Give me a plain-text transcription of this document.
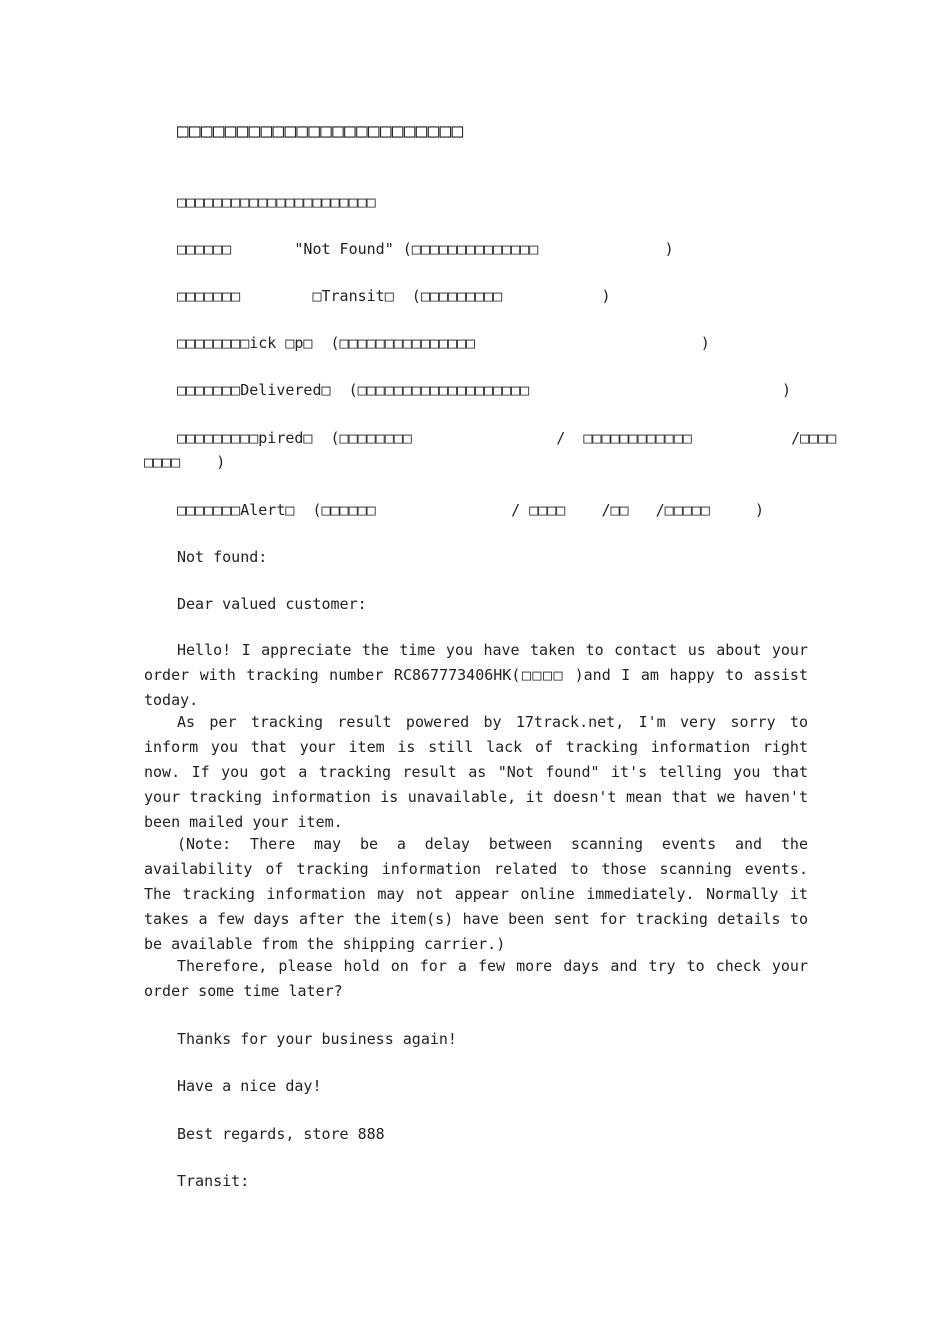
□□□□□□□□□□□□□□□□□□□□□□□□
□□□□□□□□□□□□□□□□□□□□□□
□□□□□□       "Not Found" (□□□□□□□□□□□□□□              )
□□□□□□□        □Transit□  (□□□□□□□□□           )
□□□□□□□□ick □p□  (□□□□□□□□□□□□□□□                         )
□□□□□□□Delivered□  (□□□□□□□□□□□□□□□□□□□                            )
□□□□□□□□□pired□  (□□□□□□□□                /  □□□□□□□□□□□□           /□□□□
□□□□    )
□□□□□□□Alert□  (□□□□□□               / □□□□    /□□   /□□□□□     )
Not found:
Dear valued customer:

Hello! I appreciate the time you have taken to contact us about your order with tracking number RC867773406HK(□□□□ )and I am happy to assist today.

As per tracking result powered by 17track.net, I'm very sorry to inform you that your item is still lack of tracking information right now. If you got a tracking result as "Not found" it's telling you that your tracking information is unavailable, it doesn't mean that we haven't been mailed your item.

(Note: There may be a delay between scanning events and the availability of tracking information related to those scanning events. The tracking information may not appear online immediately. Normally it takes a few days after the item(s) have been sent for tracking details to be available from the shipping carrier.)

Therefore, please hold on for a few more days and try to check your order some time later?

Thanks for your business again!
Have a nice day!
Best regards, store 888
Transit:
